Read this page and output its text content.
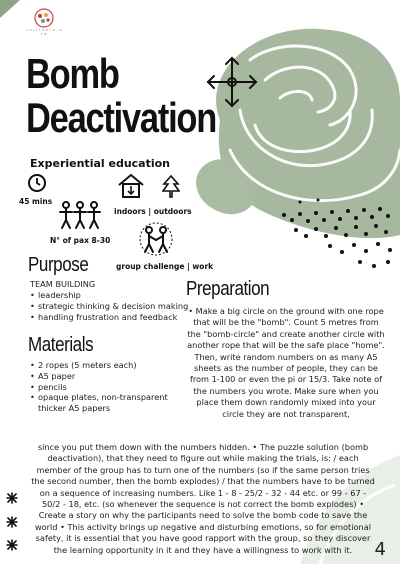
r u r i t a n i a . o r g
Bomb
Deactivation
Experiential education
45 mins
indoors | outdoors
N° of pax 8-30
group challenge | work
Purpose
TEAM BUILDING
• leadership
• strategic thinking & decision making
• handling frustration and feedback
Materials
• 2 ropes (5 meters each)
• A5 paper
• pencils
• opaque plates, non-transparent thicker A5 papers
Preparation
• Make a big circle on the ground with one rope that will be the "bomb". Count 5 metres from the "bomb-circle" and create another circle with another rope that will be the safe place "home". Then, write random numbers on as many A5 sheets as the number of people, they can be from 1-100 or even the pi or 15/3. Take note of the numbers you wrote. Make sure when you place them down randomly mixed into your circle they are not transparent,
since you put them down with the numbers hidden. • The puzzle solution (bomb deactivation), that they need to figure out while making the trials, is: / each member of the group has to turn one of the numbers (so if the same person tries the second number, then the bomb explodes) / that the numbers have to be turned on a sequence of increasing numbers. Like 1 - 8 - 25/2 - 32 - 44 etc. or 99 - 67 - 50/2 - 18, etc. (so whenever the sequence is not correct the bomb explodes) • Create a story on why the participants need to solve the bomb code to save the world • This activity brings up negative and disturbing emotions, so for emotional safety, it is essential that you have good rapport with the group, so they discover the learning opportunity in it and they have a willingness to work with it.	4
